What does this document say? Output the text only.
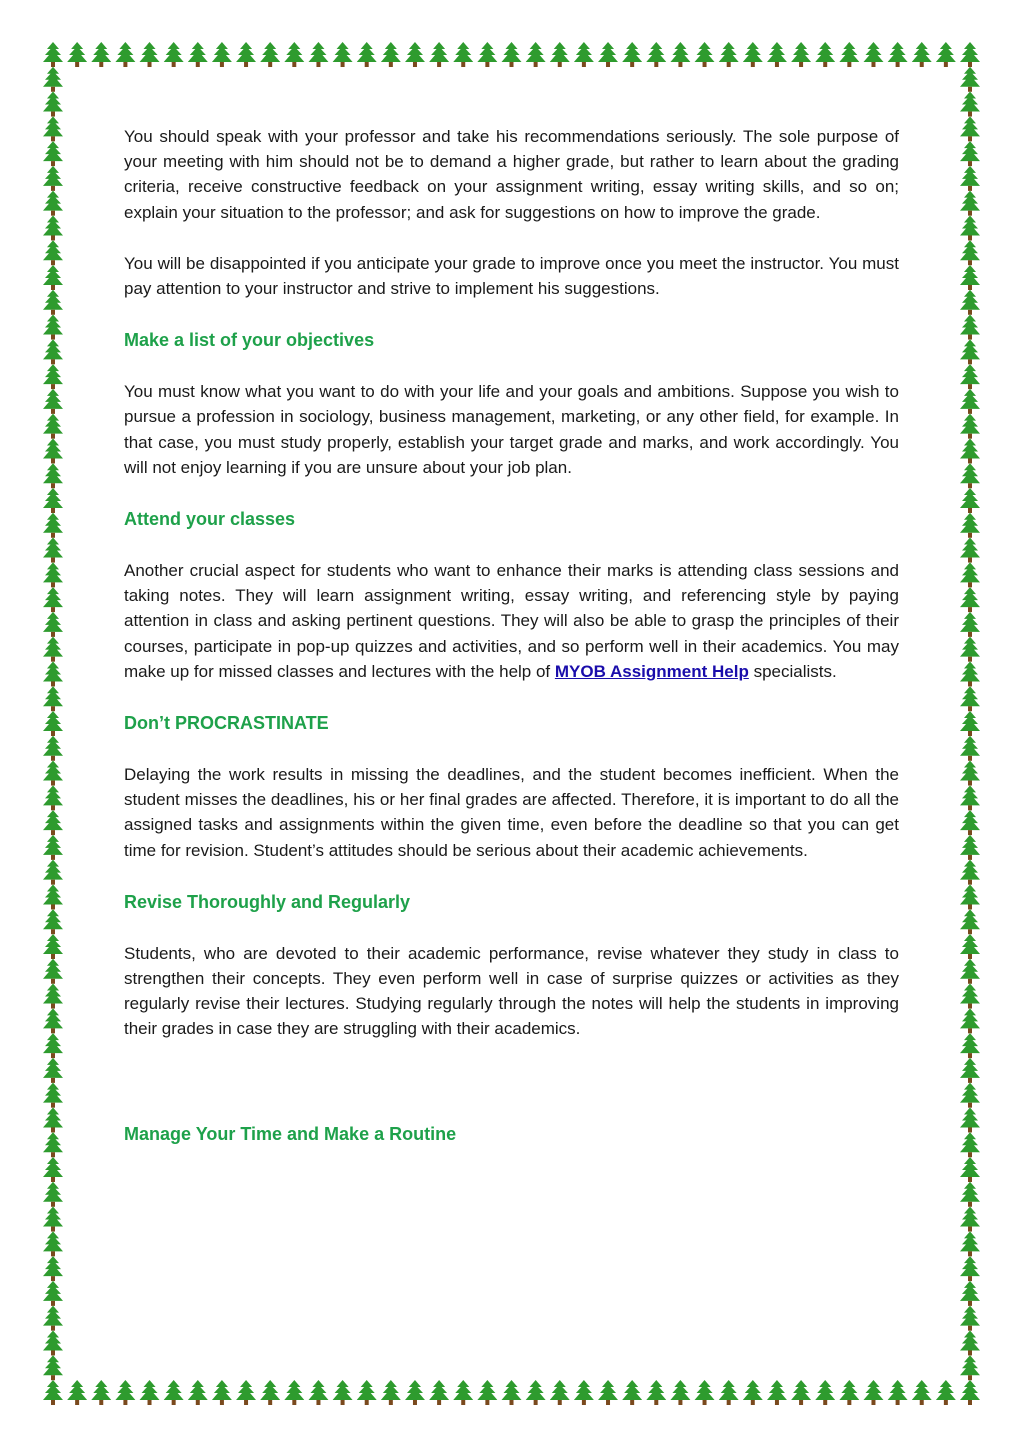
You should speak with your professor and take his recommendations seriously. The sole purpose of your meeting with him should not be to demand a higher grade, but rather to learn about the grading criteria, receive constructive feedback on your assignment writing, essay writing skills, and so on; explain your situation to the professor; and ask for suggestions on how to improve the grade.

You will be disappointed if you anticipate your grade to improve once you meet the instructor. You must pay attention to your instructor and strive to implement his suggestions.

Make a list of your objectives

You must know what you want to do with your life and your goals and ambitions. Suppose you wish to pursue a profession in sociology, business management, marketing, or any other field, for example. In that case, you must study properly, establish your target grade and marks, and work accordingly. You will not enjoy learning if you are unsure about your job plan.

Attend your classes

Another crucial aspect for students who want to enhance their marks is attending class sessions and taking notes. They will learn assignment writing, essay writing, and referencing style by paying attention in class and asking pertinent questions. They will also be able to grasp the principles of their courses, participate in pop-up quizzes and activities, and so perform well in their academics. You may make up for missed classes and lectures with the help of MYOB Assignment Help specialists.

Don’t PROCRASTINATE

Delaying the work results in missing the deadlines, and the student becomes inefficient. When the student misses the deadlines, his or her final grades are affected. Therefore, it is important to do all the assigned tasks and assignments within the given time, even before the deadline so that you can get time for revision. Student’s attitudes should be serious about their academic achievements.

Revise Thoroughly and Regularly

Students, who are devoted to their academic performance, revise whatever they study in class to strengthen their concepts. They even perform well in case of surprise quizzes or activities as they regularly revise their lectures. Studying regularly through the notes will help the students in improving their grades in case they are struggling with their academics.

Manage Your Time and Make a Routine
